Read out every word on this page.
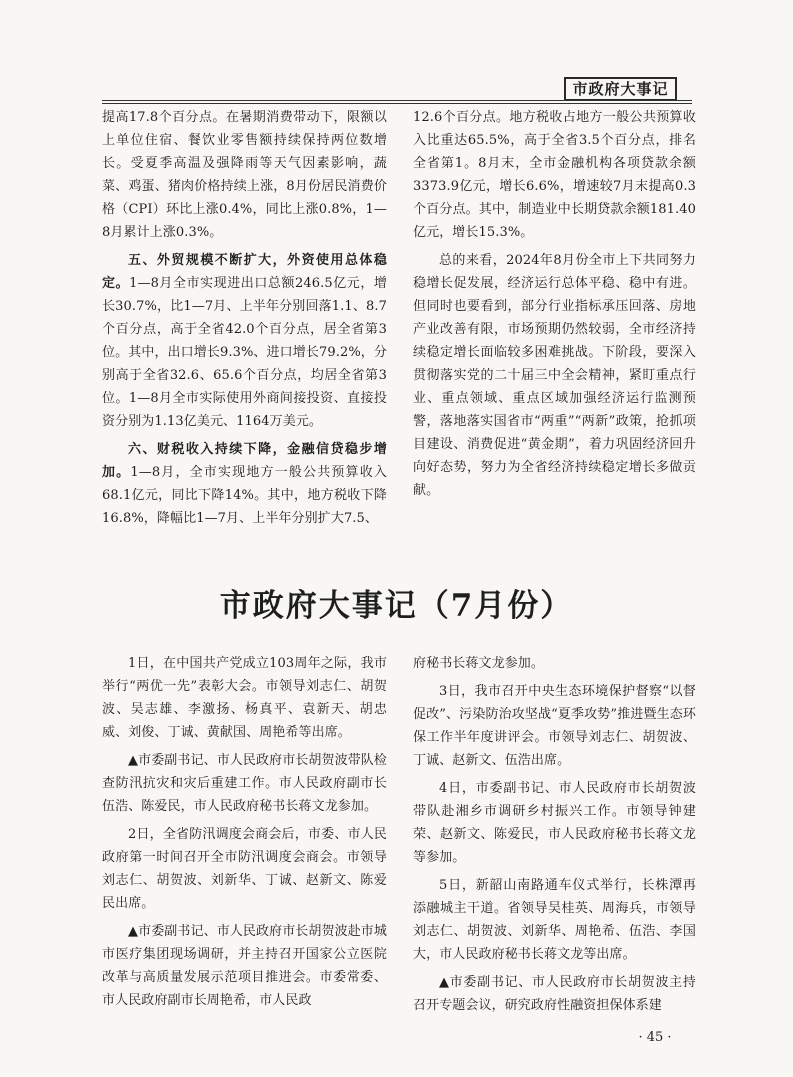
市政府大事记

提高17.8个百分点。在暑期消费带动下，限额以上单位住宿、餐饮业零售额持续保持两位数增长。受夏季高温及强降雨等天气因素影响，蔬菜、鸡蛋、猪肉价格持续上涨，8月份居民消费价格（CPI）环比上涨0.4%，同比上涨0.8%，1—8月累计上涨0.3%。

五、外贸规模不断扩大，外资使用总体稳定。1—8月全市实现进出口总额246.5亿元，增长30.7%，比1—7月、上半年分别回落1.1、8.7个百分点，高于全省42.0个百分点，居全省第3位。其中，出口增长9.3%、进口增长79.2%，分别高于全省32.6、65.6个百分点，均居全省第3位。1—8月全市实际使用外商间接投资、直接投资分别为1.13亿美元、1164万美元。

六、财税收入持续下降，金融信贷稳步增加。1—8月，全市实现地方一般公共预算收入68.1亿元，同比下降14%。其中，地方税收下降16.8%，降幅比1—7月、上半年分别扩大7.5、

12.6个百分点。地方税收占地方一般公共预算收入比重达65.5%，高于全省3.5个百分点，排名全省第1。8月末，全市金融机构各项贷款余额3373.9亿元，增长6.6%，增速较7月末提高0.3个百分点。其中，制造业中长期贷款余额181.40亿元，增长15.3%。

总的来看，2024年8月份全市上下共同努力稳增长促发展，经济运行总体平稳、稳中有进。但同时也要看到，部分行业指标承压回落、房地产业改善有限，市场预期仍然较弱，全市经济持续稳定增长面临较多困难挑战。下阶段，要深入贯彻落实党的二十届三中全会精神，紧盯重点行业、重点领域、重点区域加强经济运行监测预警，落地落实国省市“两重”“两新”政策，抢抓项目建设、消费促进“黄金期”，着力巩固经济回升向好态势，努力为全省经济持续稳定增长多做贡献。

市政府大事记（7月份）

1日，在中国共产党成立103周年之际，我市举行“两优一先”表彰大会。市领导刘志仁、胡贺波、吴志雄、李激扬、杨真平、袁新天、胡忠威、刘俊、丁诚、黄献国、周艳希等出席。

▲市委副书记、市人民政府市长胡贺波带队检查防汛抗灾和灾后重建工作。市人民政府副市长伍浩、陈爱民，市人民政府秘书长蒋文龙参加。

2日，全省防汛调度会商会后，市委、市人民政府第一时间召开全市防汛调度会商会。市领导刘志仁、胡贺波、刘新华、丁诚、赵新文、陈爱民出席。

▲市委副书记、市人民政府市长胡贺波赴市城市医疗集团现场调研，并主持召开国家公立医院改革与高质量发展示范项目推进会。市委常委、市人民政府副市长周艳希，市人民政

府秘书长蒋文龙参加。

3日，我市召开中央生态环境保护督察“以督促改”、污染防治攻坚战“夏季攻势”推进暨生态环保工作半年度讲评会。市领导刘志仁、胡贺波、丁诚、赵新文、伍浩出席。

4日，市委副书记、市人民政府市长胡贺波带队赴湘乡市调研乡村振兴工作。市领导钟建荣、赵新文、陈爱民，市人民政府秘书长蒋文龙等参加。

5日，新韶山南路通车仪式举行，长株潭再添融城主干道。省领导吴桂英、周海兵，市领导刘志仁、胡贺波、刘新华、周艳希、伍浩、李国大，市人民政府秘书长蒋文龙等出席。

▲市委副书记、市人民政府市长胡贺波主持召开专题会议，研究政府性融资担保体系建

· 45 ·
